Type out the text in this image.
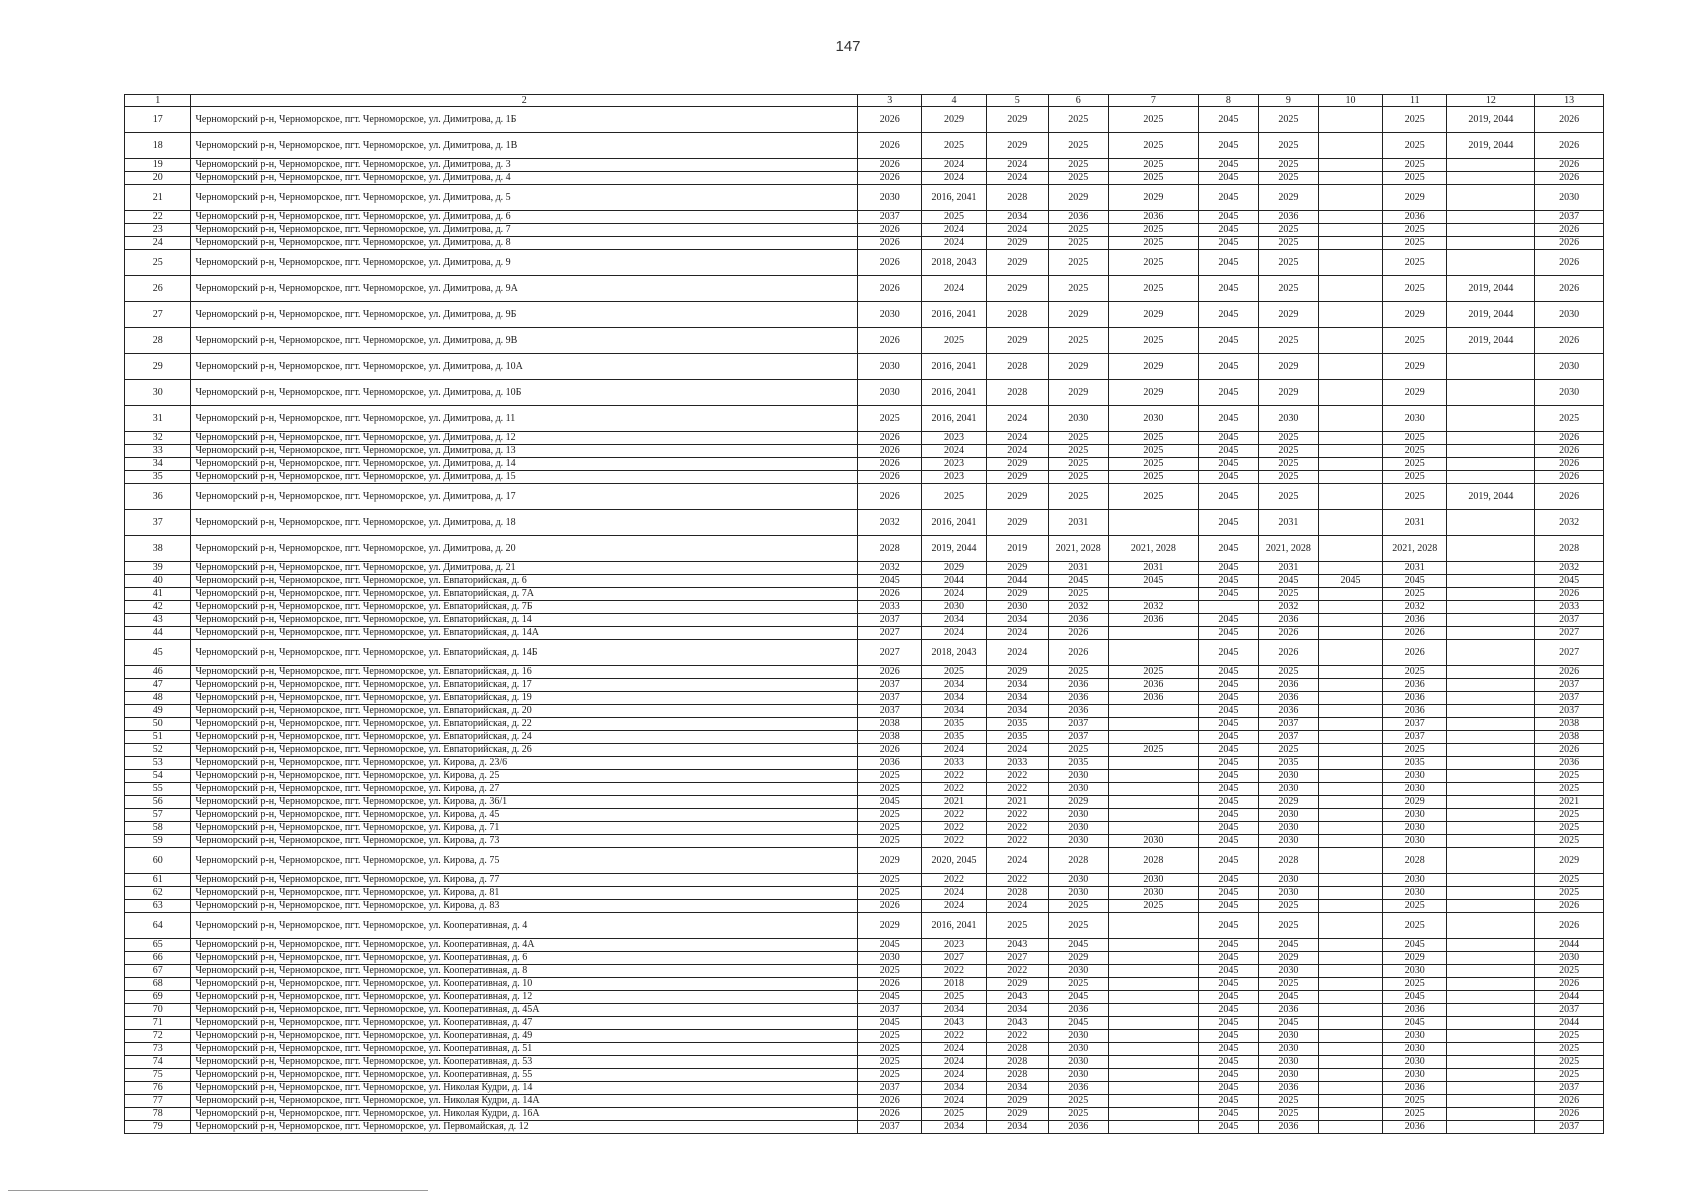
147
1	2	3	4	5	6	7	8	9	10	11	12	13
17	Черноморский р-н, Черноморское, пгт. Черноморское, ул. Димитрова, д. 1Б	2026	2029	2029	2025	2025	2045	2025		2025	2019, 2044	2026
18	Черноморский р-н, Черноморское, пгт. Черноморское, ул. Димитрова, д. 1В	2026	2025	2029	2025	2025	2045	2025		2025	2019, 2044	2026
19	Черноморский р-н, Черноморское, пгт. Черноморское, ул. Димитрова, д. 3	2026	2024	2024	2025	2025	2045	2025		2025		2026
20	Черноморский р-н, Черноморское, пгт. Черноморское, ул. Димитрова, д. 4	2026	2024	2024	2025	2025	2045	2025		2025		2026
21	Черноморский р-н, Черноморское, пгт. Черноморское, ул. Димитрова, д. 5	2030	2016, 2041	2028	2029	2029	2045	2029		2029		2030
22	Черноморский р-н, Черноморское, пгт. Черноморское, ул. Димитрова, д. 6	2037	2025	2034	2036	2036	2045	2036		2036		2037
23	Черноморский р-н, Черноморское, пгт. Черноморское, ул. Димитрова, д. 7	2026	2024	2024	2025	2025	2045	2025		2025		2026
24	Черноморский р-н, Черноморское, пгт. Черноморское, ул. Димитрова, д. 8	2026	2024	2029	2025	2025	2045	2025		2025		2026
25	Черноморский р-н, Черноморское, пгт. Черноморское, ул. Димитрова, д. 9	2026	2018, 2043	2029	2025	2025	2045	2025		2025		2026
26	Черноморский р-н, Черноморское, пгт. Черноморское, ул. Димитрова, д. 9А	2026	2024	2029	2025	2025	2045	2025		2025	2019, 2044	2026
27	Черноморский р-н, Черноморское, пгт. Черноморское, ул. Димитрова, д. 9Б	2030	2016, 2041	2028	2029	2029	2045	2029		2029	2019, 2044	2030
28	Черноморский р-н, Черноморское, пгт. Черноморское, ул. Димитрова, д. 9В	2026	2025	2029	2025	2025	2045	2025		2025	2019, 2044	2026
29	Черноморский р-н, Черноморское, пгт. Черноморское, ул. Димитрова, д. 10А	2030	2016, 2041	2028	2029	2029	2045	2029		2029		2030
30	Черноморский р-н, Черноморское, пгт. Черноморское, ул. Димитрова, д. 10Б	2030	2016, 2041	2028	2029	2029	2045	2029		2029		2030
31	Черноморский р-н, Черноморское, пгт. Черноморское, ул. Димитрова, д. 11	2025	2016, 2041	2024	2030	2030	2045	2030		2030		2025
32	Черноморский р-н, Черноморское, пгт. Черноморское, ул. Димитрова, д. 12	2026	2023	2024	2025	2025	2045	2025		2025		2026
33	Черноморский р-н, Черноморское, пгт. Черноморское, ул. Димитрова, д. 13	2026	2024	2024	2025	2025	2045	2025		2025		2026
34	Черноморский р-н, Черноморское, пгт. Черноморское, ул. Димитрова, д. 14	2026	2023	2029	2025	2025	2045	2025		2025		2026
35	Черноморский р-н, Черноморское, пгт. Черноморское, ул. Димитрова, д. 15	2026	2023	2029	2025	2025	2045	2025		2025		2026
36	Черноморский р-н, Черноморское, пгт. Черноморское, ул. Димитрова, д. 17	2026	2025	2029	2025	2025	2045	2025		2025	2019, 2044	2026
37	Черноморский р-н, Черноморское, пгт. Черноморское, ул. Димитрова, д. 18	2032	2016, 2041	2029	2031		2045	2031		2031		2032
38	Черноморский р-н, Черноморское, пгт. Черноморское, ул. Димитрова, д. 20	2028	2019, 2044	2019	2021, 2028	2021, 2028	2045	2021, 2028		2021, 2028		2028
39	Черноморский р-н, Черноморское, пгт. Черноморское, ул. Димитрова, д. 21	2032	2029	2029	2031	2031	2045	2031		2031		2032
40	Черноморский р-н, Черноморское, пгт. Черноморское, ул. Евпаторийская, д. 6	2045	2044	2044	2045	2045	2045	2045	2045	2045		2045
41	Черноморский р-н, Черноморское, пгт. Черноморское, ул. Евпаторийская, д. 7А	2026	2024	2029	2025		2045	2025		2025		2026
42	Черноморский р-н, Черноморское, пгт. Черноморское, ул. Евпаторийская, д. 7Б	2033	2030	2030	2032	2032		2032		2032		2033
43	Черноморский р-н, Черноморское, пгт. Черноморское, ул. Евпаторийская, д. 14	2037	2034	2034	2036	2036	2045	2036		2036		2037
44	Черноморский р-н, Черноморское, пгт. Черноморское, ул. Евпаторийская, д. 14А	2027	2024	2024	2026		2045	2026		2026		2027
45	Черноморский р-н, Черноморское, пгт. Черноморское, ул. Евпаторийская, д. 14Б	2027	2018, 2043	2024	2026		2045	2026		2026		2027
46	Черноморский р-н, Черноморское, пгт. Черноморское, ул. Евпаторийская, д. 16	2026	2025	2029	2025	2025	2045	2025		2025		2026
47	Черноморский р-н, Черноморское, пгт. Черноморское, ул. Евпаторийская, д. 17	2037	2034	2034	2036	2036	2045	2036		2036		2037
48	Черноморский р-н, Черноморское, пгт. Черноморское, ул. Евпаторийская, д. 19	2037	2034	2034	2036	2036	2045	2036		2036		2037
49	Черноморский р-н, Черноморское, пгт. Черноморское, ул. Евпаторийская, д. 20	2037	2034	2034	2036		2045	2036		2036		2037
50	Черноморский р-н, Черноморское, пгт. Черноморское, ул. Евпаторийская, д. 22	2038	2035	2035	2037		2045	2037		2037		2038
51	Черноморский р-н, Черноморское, пгт. Черноморское, ул. Евпаторийская, д. 24	2038	2035	2035	2037		2045	2037		2037		2038
52	Черноморский р-н, Черноморское, пгт. Черноморское, ул. Евпаторийская, д. 26	2026	2024	2024	2025	2025	2045	2025		2025		2026
53	Черноморский р-н, Черноморское, пгт. Черноморское, ул. Кирова, д. 23/6	2036	2033	2033	2035		2045	2035		2035		2036
54	Черноморский р-н, Черноморское, пгт. Черноморское, ул. Кирова, д. 25	2025	2022	2022	2030		2045	2030		2030		2025
55	Черноморский р-н, Черноморское, пгт. Черноморское, ул. Кирова, д. 27	2025	2022	2022	2030		2045	2030		2030		2025
56	Черноморский р-н, Черноморское, пгт. Черноморское, ул. Кирова, д. 36/1	2045	2021	2021	2029		2045	2029		2029		2021
57	Черноморский р-н, Черноморское, пгт. Черноморское, ул. Кирова, д. 45	2025	2022	2022	2030		2045	2030		2030		2025
58	Черноморский р-н, Черноморское, пгт. Черноморское, ул. Кирова, д. 71	2025	2022	2022	2030		2045	2030		2030		2025
59	Черноморский р-н, Черноморское, пгт. Черноморское, ул. Кирова, д. 73	2025	2022	2022	2030	2030	2045	2030		2030		2025
60	Черноморский р-н, Черноморское, пгт. Черноморское, ул. Кирова, д. 75	2029	2020, 2045	2024	2028	2028	2045	2028		2028		2029
61	Черноморский р-н, Черноморское, пгт. Черноморское, ул. Кирова, д. 77	2025	2022	2022	2030	2030	2045	2030		2030		2025
62	Черноморский р-н, Черноморское, пгт. Черноморское, ул. Кирова, д. 81	2025	2024	2028	2030	2030	2045	2030		2030		2025
63	Черноморский р-н, Черноморское, пгт. Черноморское, ул. Кирова, д. 83	2026	2024	2024	2025	2025	2045	2025		2025		2026
64	Черноморский р-н, Черноморское, пгт. Черноморское, ул. Кооперативная, д. 4	2029	2016, 2041	2025	2025		2045	2025		2025		2026
65	Черноморский р-н, Черноморское, пгт. Черноморское, ул. Кооперативная, д. 4А	2045	2023	2043	2045		2045	2045		2045		2044
66	Черноморский р-н, Черноморское, пгт. Черноморское, ул. Кооперативная, д. 6	2030	2027	2027	2029		2045	2029		2029		2030
67	Черноморский р-н, Черноморское, пгт. Черноморское, ул. Кооперативная, д. 8	2025	2022	2022	2030		2045	2030		2030		2025
68	Черноморский р-н, Черноморское, пгт. Черноморское, ул. Кооперативная, д. 10	2026	2018	2029	2025		2045	2025		2025		2026
69	Черноморский р-н, Черноморское, пгт. Черноморское, ул. Кооперативная, д. 12	2045	2025	2043	2045		2045	2045		2045		2044
70	Черноморский р-н, Черноморское, пгт. Черноморское, ул. Кооперативная, д. 45А	2037	2034	2034	2036		2045	2036		2036		2037
71	Черноморский р-н, Черноморское, пгт. Черноморское, ул. Кооперативная, д. 47	2045	2043	2043	2045		2045	2045		2045		2044
72	Черноморский р-н, Черноморское, пгт. Черноморское, ул. Кооперативная, д. 49	2025	2022	2022	2030		2045	2030		2030		2025
73	Черноморский р-н, Черноморское, пгт. Черноморское, ул. Кооперативная, д. 51	2025	2024	2028	2030		2045	2030		2030		2025
74	Черноморский р-н, Черноморское, пгт. Черноморское, ул. Кооперативная, д. 53	2025	2024	2028	2030		2045	2030		2030		2025
75	Черноморский р-н, Черноморское, пгт. Черноморское, ул. Кооперативная, д. 55	2025	2024	2028	2030		2045	2030		2030		2025
76	Черноморский р-н, Черноморское, пгт. Черноморское, ул. Николая Кудри, д. 14	2037	2034	2034	2036		2045	2036		2036		2037
77	Черноморский р-н, Черноморское, пгт. Черноморское, ул. Николая Кудри, д. 14А	2026	2024	2029	2025		2045	2025		2025		2026
78	Черноморский р-н, Черноморское, пгт. Черноморское, ул. Николая Кудри, д. 16А	2026	2025	2029	2025		2045	2025		2025		2026
79	Черноморский р-н, Черноморское, пгт. Черноморское, ул. Первомайская, д. 12	2037	2034	2034	2036		2045	2036		2036		2037
